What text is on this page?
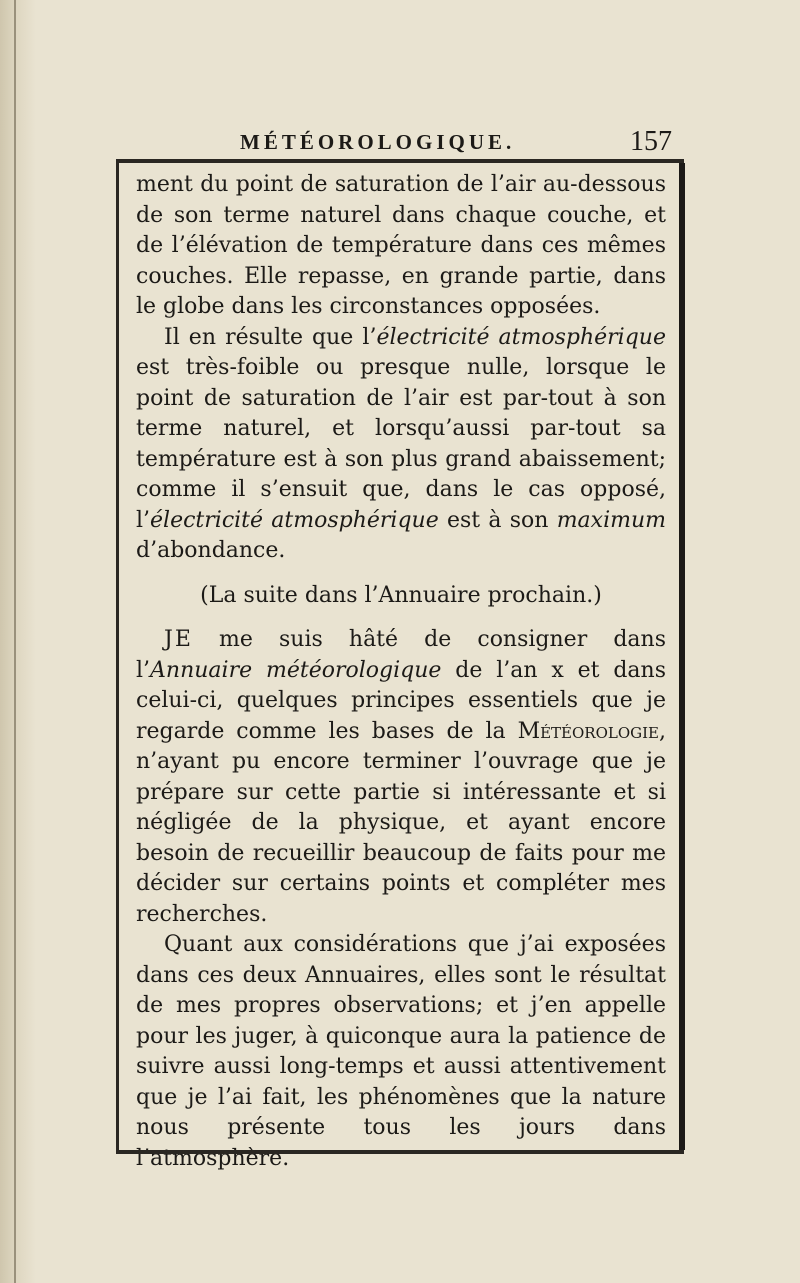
MÉTÉOROLOGIQUE.	157

ment du point de saturation de l’air au-dessous de son terme naturel dans chaque couche, et de l’élévation de température dans ces mêmes couches. Elle repasse, en grande partie, dans le globe dans les circonstances opposées.

Il en résulte que l’électricité atmosphérique est très-foible ou presque nulle, lorsque le point de saturation de l’air est par-tout à son terme naturel, et lorsqu’aussi par-tout sa température est à son plus grand abaissement; comme il s’ensuit que, dans le cas opposé, l’électricité atmosphérique est à son maximum d’abondance.

(La suite dans l’Annuaire prochain.)

JE me suis hâté de consigner dans l’Annuaire météorologique de l’an x et dans celui-ci, quelques principes essentiels que je regarde comme les bases de la Météorologie, n’ayant pu encore terminer l’ouvrage que je prépare sur cette partie si intéressante et si négligée de la physique, et ayant encore besoin de recueillir beaucoup de faits pour me décider sur certains points et compléter mes recherches.

Quant aux considérations que j’ai exposées dans ces deux Annuaires, elles sont le résultat de mes propres observations; et j’en appelle pour les juger, à quiconque aura la patience de suivre aussi long-temps et aussi attentivement que je l’ai fait, les phénomènes que la nature nous présente tous les jours dans l’atmosphère.
